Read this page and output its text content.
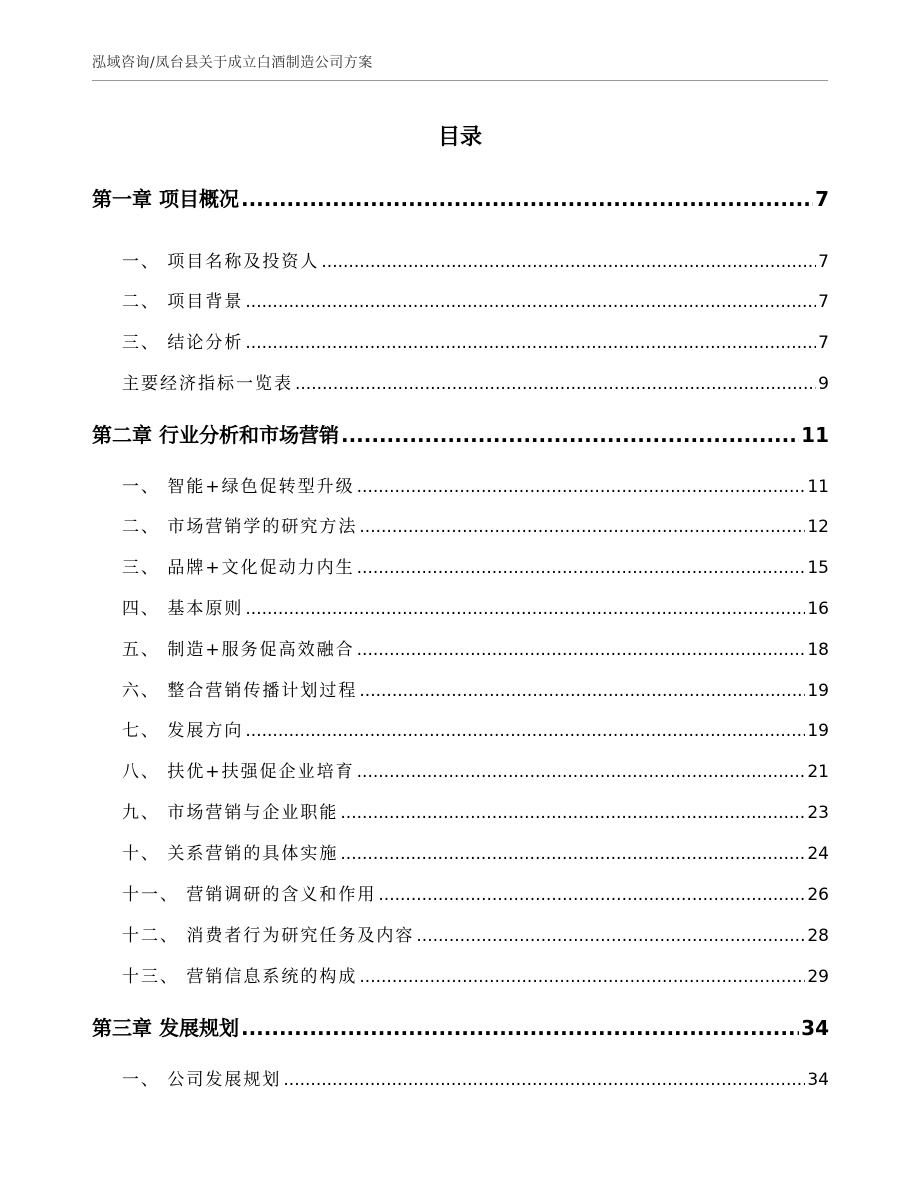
泓域咨询/凤台县关于成立白酒制造公司方案
目录
第一章 项目概况 .....	7
一、 项目名称及投资人 .....	7
二、 项目背景 .....	7
三、 结论分析 .....	7
主要经济指标一览表 .....	9
第二章 行业分析和市场营销 .....	11
一、 智能+绿色促转型升级 .....	11
二、 市场营销学的研究方法 .....	12
三、 品牌+文化促动力内生 .....	15
四、 基本原则 .....	16
五、 制造+服务促高效融合 .....	18
六、 整合营销传播计划过程 .....	19
七、 发展方向 .....	19
八、 扶优+扶强促企业培育 .....	21
九、 市场营销与企业职能 .....	23
十、 关系营销的具体实施 .....	24
十一、 营销调研的含义和作用 .....	26
十二、 消费者行为研究任务及内容 .....	28
十三、 营销信息系统的构成 .....	29
第三章 发展规划 .....	34
一、 公司发展规划 .....	34
